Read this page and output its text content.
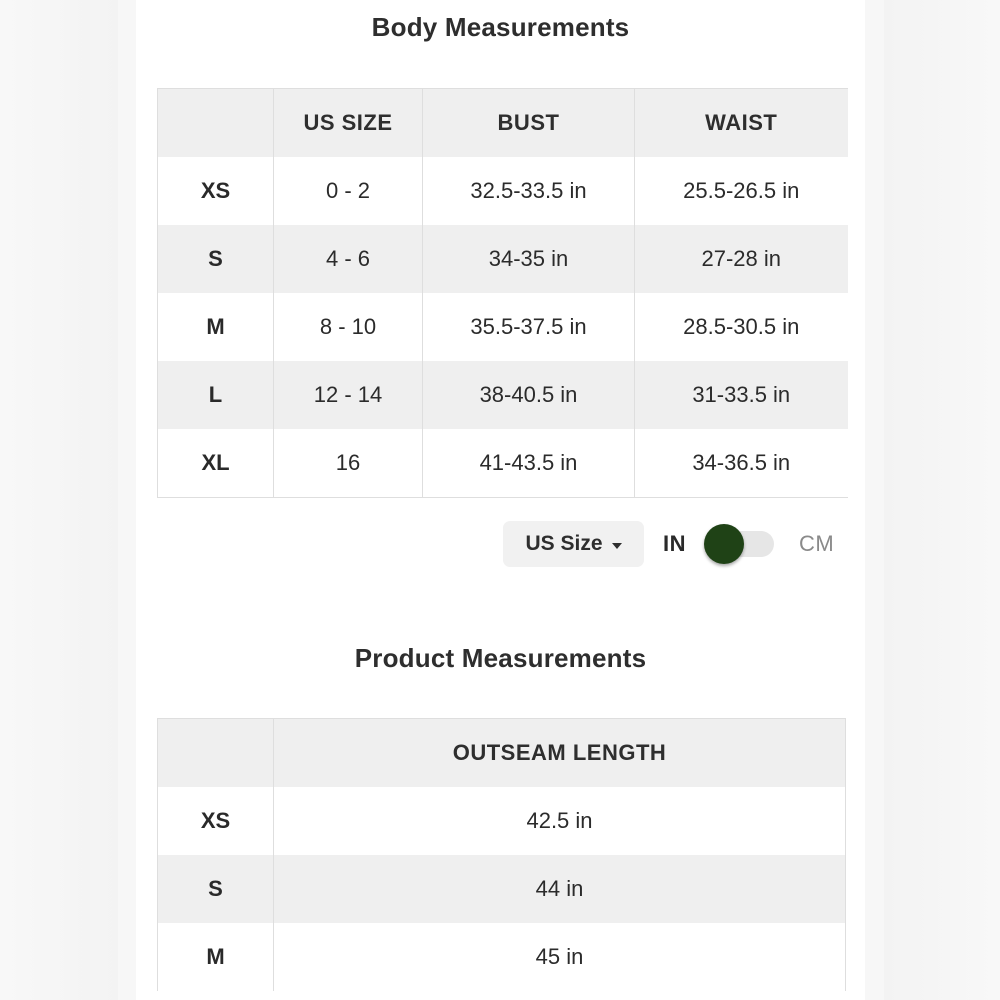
Body Measurements
	US SIZE	BUST	WAIST
XS	0 - 2	32.5-33.5 in	25.5-26.5 in
S	4 - 6	34-35 in	27-28 in
M	8 - 10	35.5-37.5 in	28.5-30.5 in
L	12 - 14	38-40.5 in	31-33.5 in
XL	16	41-43.5 in	34-36.5 in
US Size	IN	CM
Product Measurements
	OUTSEAM LENGTH
XS	42.5 in
S	44 in
M	45 in
